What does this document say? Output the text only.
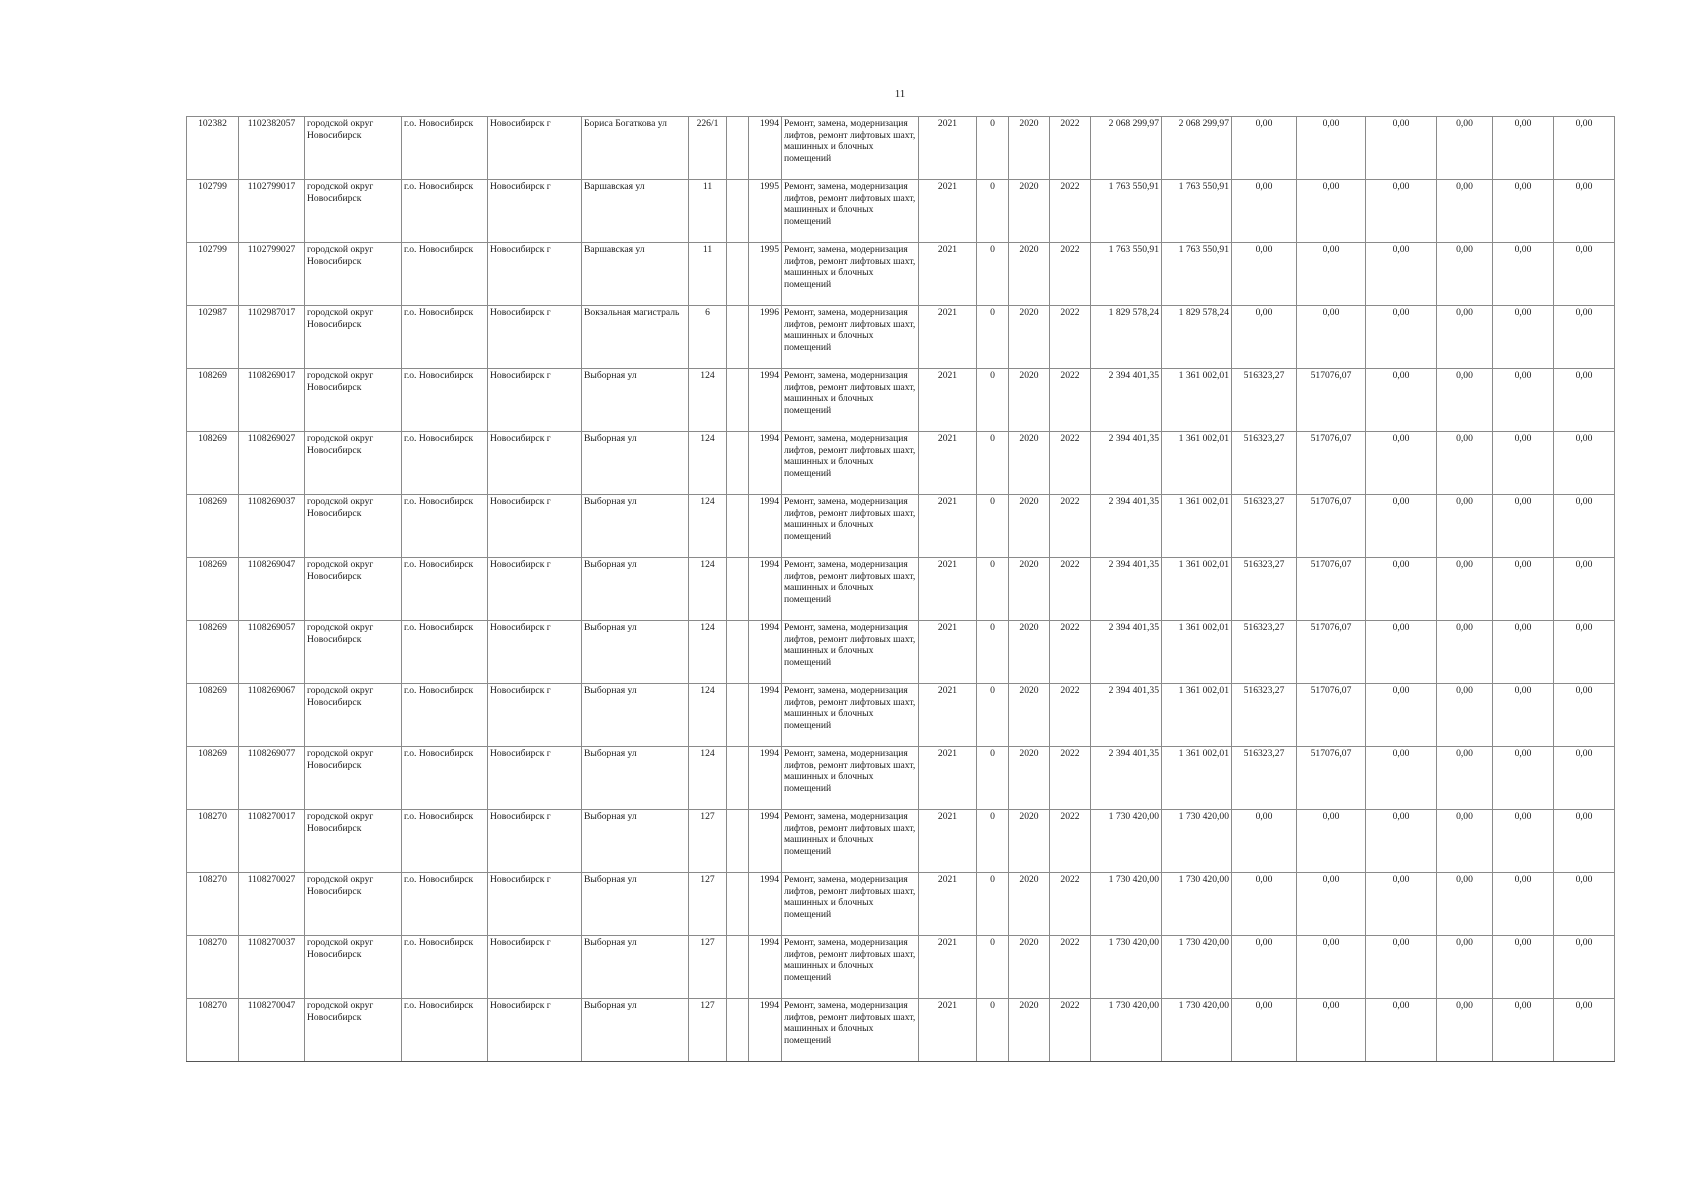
11
102382	1102382057	городской округ Новосибирск	г.о. Новосибирск	Новосибирск г	Бориса Богаткова ул	226/1		1994	Ремонт, замена, модернизация лифтов, ремонт лифтовых шахт, машинных и блочных помещений	2021	0	2020	2022	2 068 299,97	2 068 299,97	0,00	0,00	0,00	0,00	0,00	0,00
102799	1102799017	городской округ Новосибирск	г.о. Новосибирск	Новосибирск г	Варшавская ул	11		1995	Ремонт, замена, модернизация лифтов, ремонт лифтовых шахт, машинных и блочных помещений	2021	0	2020	2022	1 763 550,91	1 763 550,91	0,00	0,00	0,00	0,00	0,00	0,00
102799	1102799027	городской округ Новосибирск	г.о. Новосибирск	Новосибирск г	Варшавская ул	11		1995	Ремонт, замена, модернизация лифтов, ремонт лифтовых шахт, машинных и блочных помещений	2021	0	2020	2022	1 763 550,91	1 763 550,91	0,00	0,00	0,00	0,00	0,00	0,00
102987	1102987017	городской округ Новосибирск	г.о. Новосибирск	Новосибирск г	Вокзальная магистраль	6		1996	Ремонт, замена, модернизация лифтов, ремонт лифтовых шахт, машинных и блочных помещений	2021	0	2020	2022	1 829 578,24	1 829 578,24	0,00	0,00	0,00	0,00	0,00	0,00
108269	1108269017	городской округ Новосибирск	г.о. Новосибирск	Новосибирск г	Выборная ул	124		1994	Ремонт, замена, модернизация лифтов, ремонт лифтовых шахт, машинных и блочных помещений	2021	0	2020	2022	2 394 401,35	1 361 002,01	516323,27	517076,07	0,00	0,00	0,00	0,00
108269	1108269027	городской округ Новосибирск	г.о. Новосибирск	Новосибирск г	Выборная ул	124		1994	Ремонт, замена, модернизация лифтов, ремонт лифтовых шахт, машинных и блочных помещений	2021	0	2020	2022	2 394 401,35	1 361 002,01	516323,27	517076,07	0,00	0,00	0,00	0,00
108269	1108269037	городской округ Новосибирск	г.о. Новосибирск	Новосибирск г	Выборная ул	124		1994	Ремонт, замена, модернизация лифтов, ремонт лифтовых шахт, машинных и блочных помещений	2021	0	2020	2022	2 394 401,35	1 361 002,01	516323,27	517076,07	0,00	0,00	0,00	0,00
108269	1108269047	городской округ Новосибирск	г.о. Новосибирск	Новосибирск г	Выборная ул	124		1994	Ремонт, замена, модернизация лифтов, ремонт лифтовых шахт, машинных и блочных помещений	2021	0	2020	2022	2 394 401,35	1 361 002,01	516323,27	517076,07	0,00	0,00	0,00	0,00
108269	1108269057	городской округ Новосибирск	г.о. Новосибирск	Новосибирск г	Выборная ул	124		1994	Ремонт, замена, модернизация лифтов, ремонт лифтовых шахт, машинных и блочных помещений	2021	0	2020	2022	2 394 401,35	1 361 002,01	516323,27	517076,07	0,00	0,00	0,00	0,00
108269	1108269067	городской округ Новосибирск	г.о. Новосибирск	Новосибирск г	Выборная ул	124		1994	Ремонт, замена, модернизация лифтов, ремонт лифтовых шахт, машинных и блочных помещений	2021	0	2020	2022	2 394 401,35	1 361 002,01	516323,27	517076,07	0,00	0,00	0,00	0,00
108269	1108269077	городской округ Новосибирск	г.о. Новосибирск	Новосибирск г	Выборная ул	124		1994	Ремонт, замена, модернизация лифтов, ремонт лифтовых шахт, машинных и блочных помещений	2021	0	2020	2022	2 394 401,35	1 361 002,01	516323,27	517076,07	0,00	0,00	0,00	0,00
108270	1108270017	городской округ Новосибирск	г.о. Новосибирск	Новосибирск г	Выборная ул	127		1994	Ремонт, замена, модернизация лифтов, ремонт лифтовых шахт, машинных и блочных помещений	2021	0	2020	2022	1 730 420,00	1 730 420,00	0,00	0,00	0,00	0,00	0,00	0,00
108270	1108270027	городской округ Новосибирск	г.о. Новосибирск	Новосибирск г	Выборная ул	127		1994	Ремонт, замена, модернизация лифтов, ремонт лифтовых шахт, машинных и блочных помещений	2021	0	2020	2022	1 730 420,00	1 730 420,00	0,00	0,00	0,00	0,00	0,00	0,00
108270	1108270037	городской округ Новосибирск	г.о. Новосибирск	Новосибирск г	Выборная ул	127		1994	Ремонт, замена, модернизация лифтов, ремонт лифтовых шахт, машинных и блочных помещений	2021	0	2020	2022	1 730 420,00	1 730 420,00	0,00	0,00	0,00	0,00	0,00	0,00
108270	1108270047	городской округ Новосибирск	г.о. Новосибирск	Новосибирск г	Выборная ул	127		1994	Ремонт, замена, модернизация лифтов, ремонт лифтовых шахт, машинных и блочных помещений	2021	0	2020	2022	1 730 420,00	1 730 420,00	0,00	0,00	0,00	0,00	0,00	0,00
